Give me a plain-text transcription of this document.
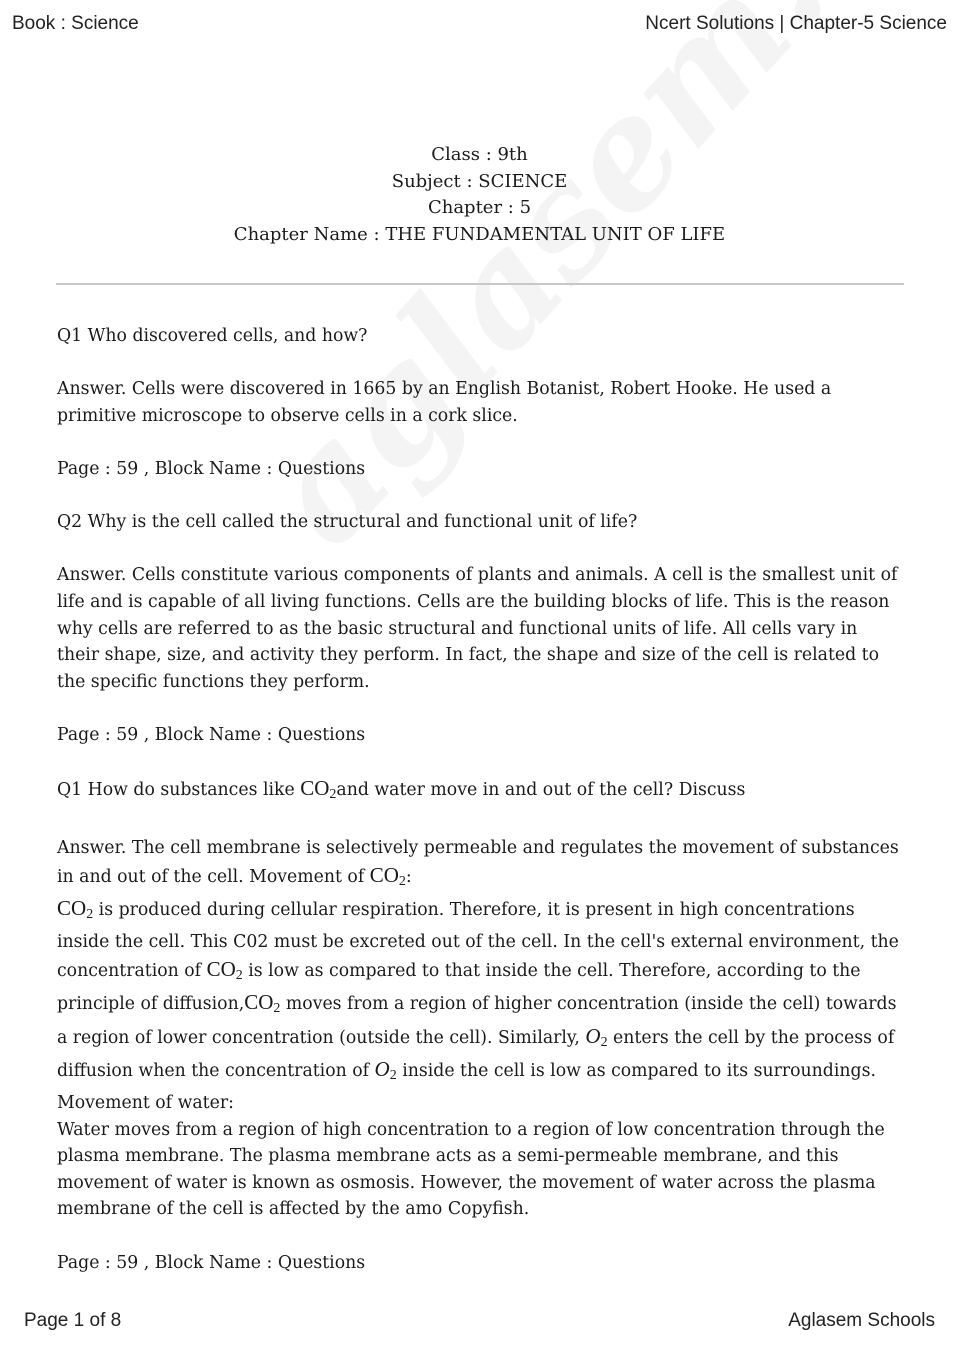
Book : Science	Ncert Solutions | Chapter-5 Science
Class : 9th
Subject : SCIENCE
Chapter : 5
Chapter Name : THE FUNDAMENTAL UNIT OF LIFE

Q1 Who discovered cells, and how?

Answer. Cells were discovered in 1665 by an English Botanist, Robert Hooke. He used a primitive microscope to observe cells in a cork slice.

Page : 59 , Block Name : Questions

Q2 Why is the cell called the structural and functional unit of life?

Answer. Cells constitute various components of plants and animals. A cell is the smallest unit of life and is capable of all living functions. Cells are the building blocks of life. This is the reason why cells are referred to as the basic structural and functional units of life. All cells vary in their shape, size, and activity they perform. In fact, the shape and size of the cell is related to the specific functions they perform.

Page : 59 , Block Name : Questions

Q1 How do substances like $CO_2and$ water move in and out of the cell? Discuss

Answer. The cell membrane is selectively permeable and regulates the movement of substances in and out of the cell. Movement of $CO_2$:
$CO_2$ is produced during cellular respiration. Therefore, it is present in high concentrations inside the cell. This C02 must be excreted out of the cell. In the cell's external environment, the concentration of $CO_2$ is low as compared to that inside the cell. Therefore, according to the principle of $diffusion,CO_2$ moves from a region of higher concentration (inside the cell) towards a region of lower concentration (outside the cell). Similarly, $O_2$ enters the cell by the process of diffusion when the concentration of $O_2$ inside the cell is low as compared to its surroundings.
Movement of water:
Water moves from a region of high concentration to a region of low concentration through the plasma membrane. The plasma membrane acts as a semi-permeable membrane, and this movement of water is known as osmosis. However, the movement of water across the plasma membrane of the cell is affected by the amo Copyfish.

Page : 59 , Block Name : Questions

Page 1 of 8	Aglasem Schools
